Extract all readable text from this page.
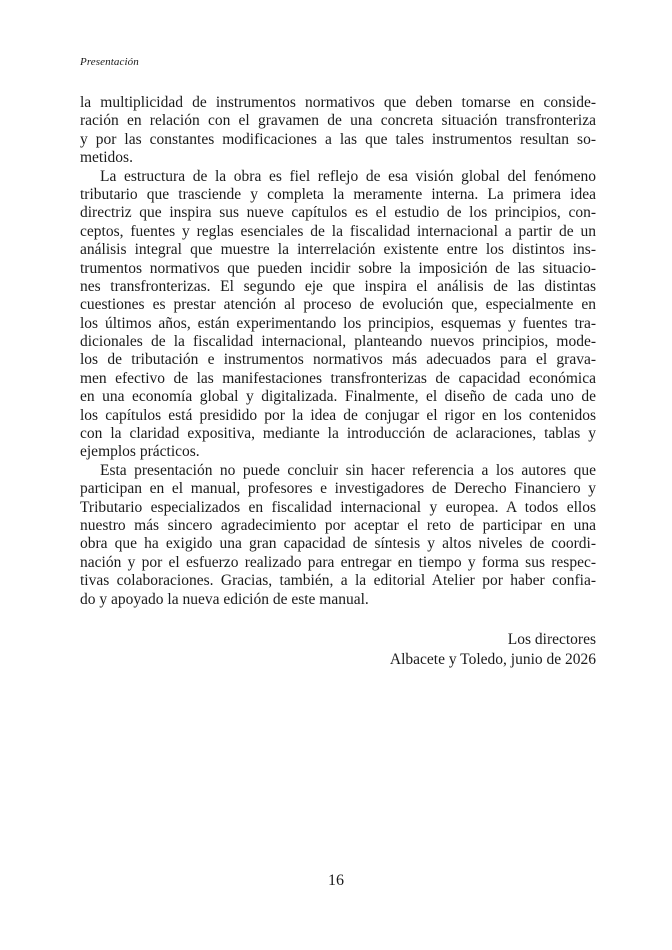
Presentación

la multiplicidad de instrumentos normativos que deben tomarse en conside-
ración en relación con el gravamen de una concreta situación transfronteriza
y por las constantes modificaciones a las que tales instrumentos resultan so-
metidos.

La estructura de la obra es fiel reflejo de esa visión global del fenómeno
tributario que trasciende y completa la meramente interna. La primera idea
directriz que inspira sus nueve capítulos es el estudio de los principios, con-
ceptos, fuentes y reglas esenciales de la fiscalidad internacional a partir de un
análisis integral que muestre la interrelación existente entre los distintos ins-
trumentos normativos que pueden incidir sobre la imposición de las situacio-
nes transfronterizas. El segundo eje que inspira el análisis de las distintas
cuestiones es prestar atención al proceso de evolución que, especialmente en
los últimos años, están experimentando los principios, esquemas y fuentes tra-
dicionales de la fiscalidad internacional, planteando nuevos principios, mode-
los de tributación e instrumentos normativos más adecuados para el grava-
men efectivo de las manifestaciones transfronterizas de capacidad económica
en una economía global y digitalizada. Finalmente, el diseño de cada uno de
los capítulos está presidido por la idea de conjugar el rigor en los contenidos
con la claridad expositiva, mediante la introducción de aclaraciones, tablas y
ejemplos prácticos.

Esta presentación no puede concluir sin hacer referencia a los autores que
participan en el manual, profesores e investigadores de Derecho Financiero y
Tributario especializados en fiscalidad internacional y europea. A todos ellos
nuestro más sincero agradecimiento por aceptar el reto de participar en una
obra que ha exigido una gran capacidad de síntesis y altos niveles de coordi-
nación y por el esfuerzo realizado para entregar en tiempo y forma sus respec-
tivas colaboraciones. Gracias, también, a la editorial Atelier por haber confia-
do y apoyado la nueva edición de este manual.

Los directores
Albacete y Toledo, junio de 2026
16
